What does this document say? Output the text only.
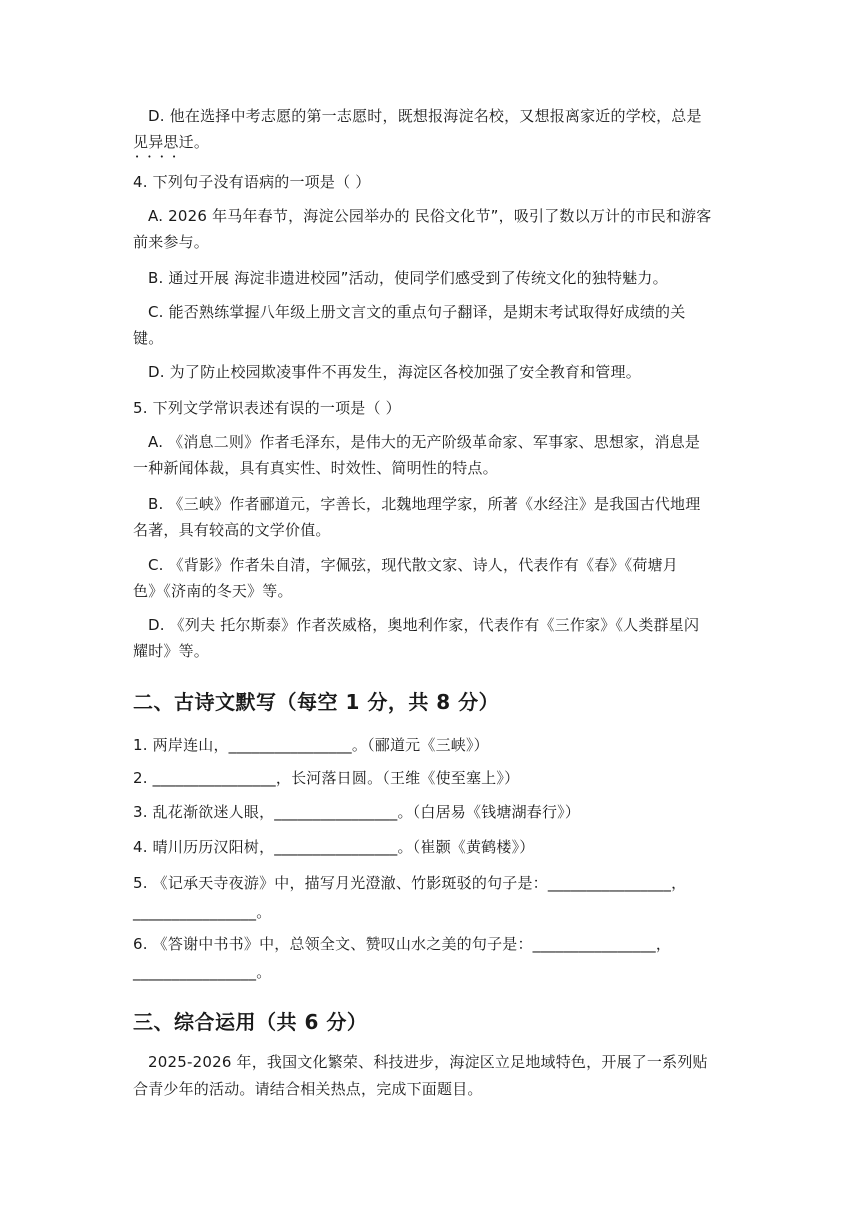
D. 他在选择中考志愿的第一志愿时，既想报海淀名校，又想报离家近的学校，总是
见异思迁 • • • •。
4. 下列句子没有语病的一项是（ ）
A. 2026 年马年春节，海淀公园举办的 民俗文化节”，吸引了数以万计的市民和游客
前来参与。
B. 通过开展 海淀非遗进校园”活动，使同学们感受到了传统文化的独特魅力。
C. 能否熟练掌握八年级上册文言文的重点句子翻译，是期末考试取得好成绩的关
键。
D. 为了防止校园欺凌事件不再发生，海淀区各校加强了安全教育和管理。
5. 下列文学常识表述有误的一项是（ ）
A. 《消息二则》作者毛泽东，是伟大的无产阶级革命家、军事家、思想家，消息是
一种新闻体裁，具有真实性、时效性、简明性的特点。
B. 《三峡》作者郦道元，字善长，北魏地理学家，所著《水经注》是我国古代地理
名著，具有较高的文学价值。
C. 《背影》作者朱自清，字佩弦，现代散文家、诗人，代表作有《春》《荷塘月
色》《济南的冬天》等。
D. 《列夫 托尔斯泰》作者茨威格，奥地利作家，代表作有《三作家》《人类群星闪
耀时》等。
二、古诗文默写（每空 1 分，共 8 分）
1. 两岸连山，________________。（郦道元《三峡》）
2. ________________，长河落日圆。（王维《使至塞上》）
3. 乱花渐欲迷人眼，________________。（白居易《钱塘湖春行》）
4. 晴川历历汉阳树，________________。（崔颢《黄鹤楼》）
5. 《记承天寺夜游》中，描写月光澄澈、竹影斑驳的句子是：________________，
________________。
6. 《答谢中书书》中，总领全文、赞叹山水之美的句子是：________________，
________________。
三、综合运用（共 6 分）
2025-2026 年，我国文化繁荣、科技进步，海淀区立足地域特色，开展了一系列贴
合青少年的活动。请结合相关热点，完成下面题目。
